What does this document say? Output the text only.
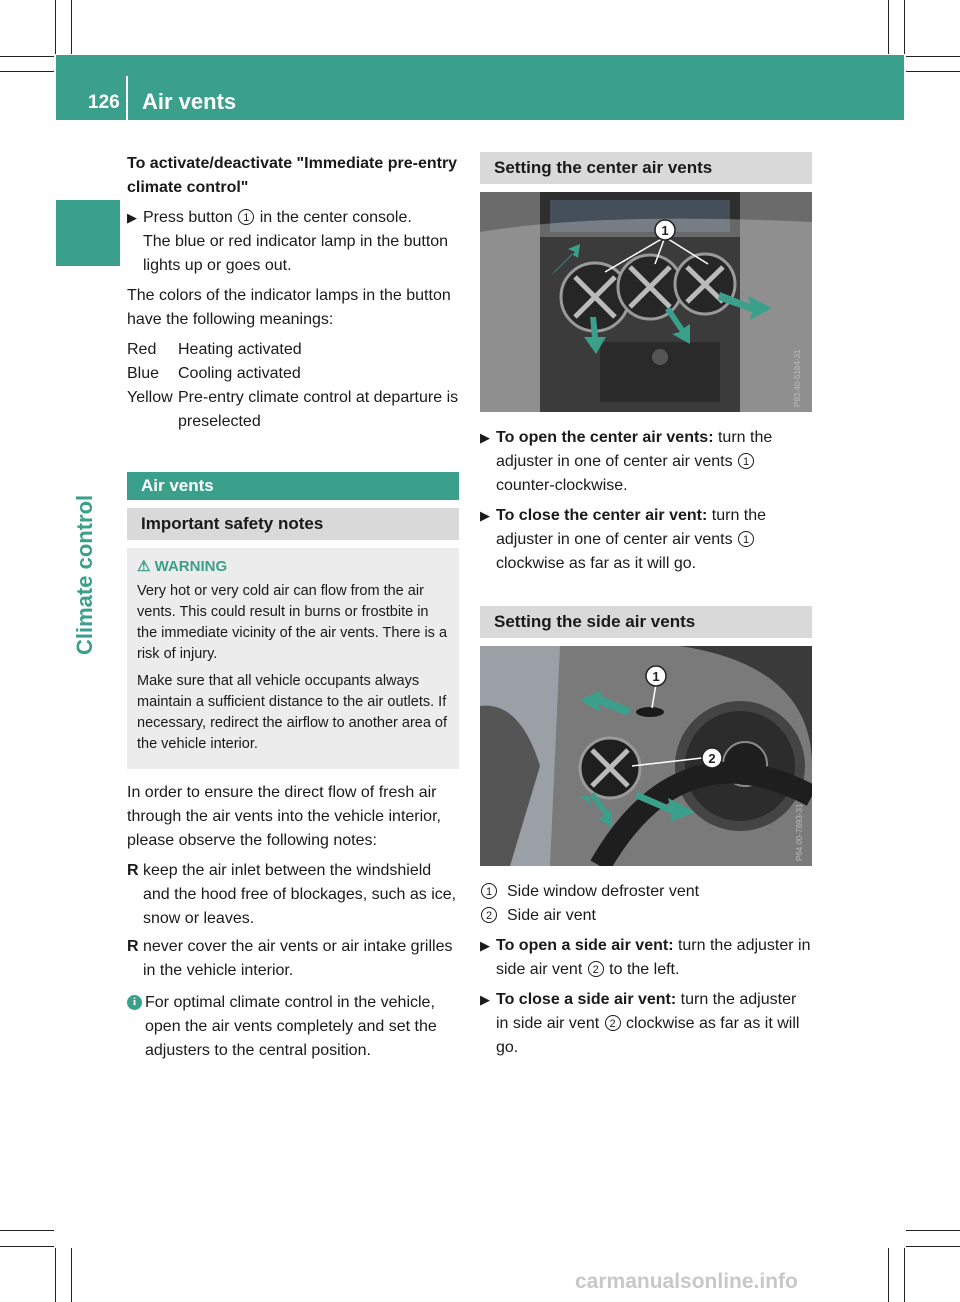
126 Air vents
Climate control
To activate/deactivate "Immediate pre-entry climate control"
▶ Press button 1 in the center console.
The blue or red indicator lamp in the button lights up or goes out.
The colors of the indicator lamps in the button have the following meanings:
Red	Heating activated
Blue	Cooling activated
Yellow Pre-entry climate control at departure is preselected
Air vents
Important safety notes
⚠ WARNING
Very hot or very cold air can flow from the air vents. This could result in burns or frostbite in the immediate vicinity of the air vents. There is a risk of injury.
Make sure that all vehicle occupants always maintain a sufficient distance to the air outlets. If necessary, redirect the airflow to another area of the vehicle interior.
In order to ensure the direct flow of fresh air through the air vents into the vehicle interior, please observe the following notes:
R keep the air inlet between the windshield and the hood free of blockages, such as ice, snow or leaves.
R never cover the air vents or air intake grilles in the vehicle interior.
i For optimal climate control in the vehicle, open the air vents completely and set the adjusters to the central position.
Setting the center air vents
1
P83.40-5184-31
▶ To open the center air vents: turn the adjuster in one of center air vents 1 counter-clockwise.
▶ To close the center air vent: turn the adjuster in one of center air vents 1 clockwise as far as it will go.
Setting the side air vents
1
2
P64.00-7893-31
1 Side window defroster vent
2 Side air vent
▶ To open a side air vent: turn the adjuster in side air vent 2 to the left.
▶ To close a side air vent: turn the adjuster in side air vent 2 clockwise as far as it will go.
carmanualsonline.info
